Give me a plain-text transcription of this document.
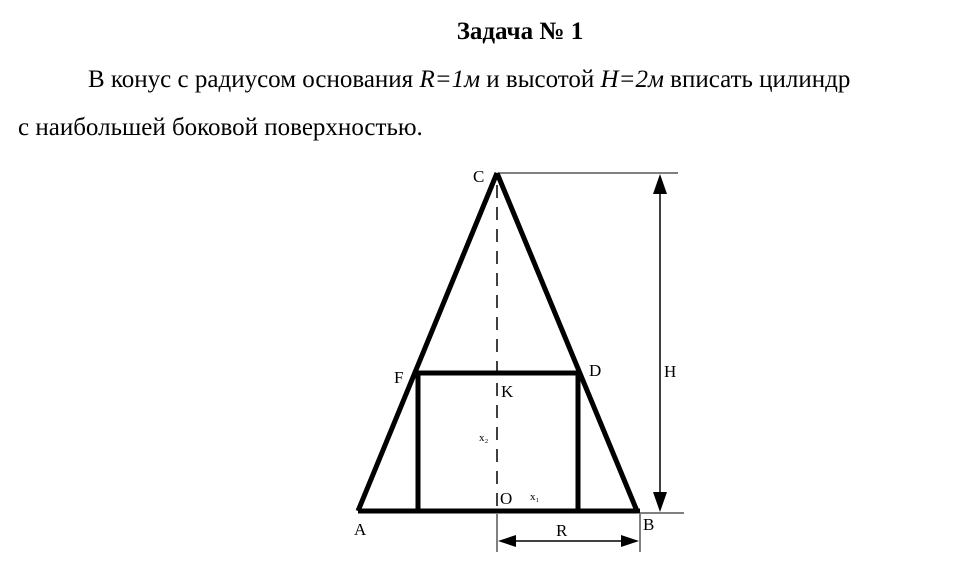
Задача № 1
В конус с радиусом основания R=1м и высотой H=2м вписать цилиндр
с наибольшей боковой поверхностью.
C
A	B
F	D
K
O
H
R
x₁
x₂
